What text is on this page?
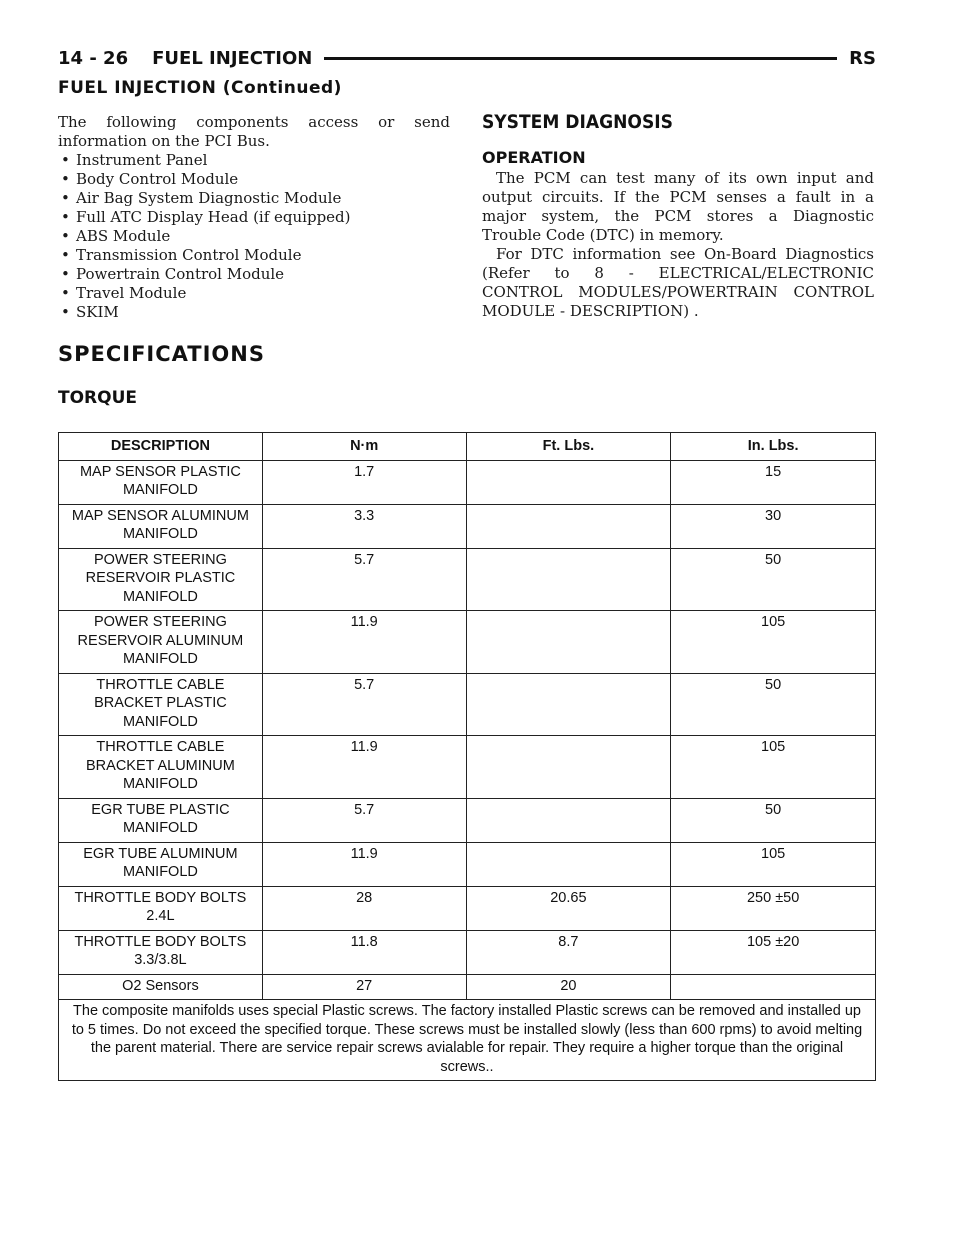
14 - 26 FUEL INJECTION	RS
FUEL INJECTION (Continued)

The following components access or send information on the PCI Bus.

• Instrument Panel
• Body Control Module
• Air Bag System Diagnostic Module
• Full ATC Display Head (if equipped)
• ABS Module
• Transmission Control Module
• Powertrain Control Module
• Travel Module
• SKIM
SYSTEM DIAGNOSIS
OPERATION

The PCM can test many of its own input and output circuits. If the PCM senses a fault in a major system, the PCM stores a Diagnostic Trouble Code (DTC) in memory.

For DTC information see On-Board Diagnostics (Refer to 8 - ELECTRICAL/ELECTRONIC CONTROL MODULES/POWERTRAIN CONTROL MODULE - DESCRIPTION) .

SPECIFICATIONS
TORQUE
DESCRIPTION	N·m	Ft. Lbs.	In. Lbs.
MAP SENSOR PLASTIC MANIFOLD	1.7		15
MAP SENSOR ALUMINUM MANIFOLD	3.3		30
POWER STEERING RESERVOIR PLASTIC MANIFOLD	5.7		50
POWER STEERING RESERVOIR ALUMINUM MANIFOLD	11.9		105
THROTTLE CABLE BRACKET PLASTIC MANIFOLD	5.7		50
THROTTLE CABLE BRACKET ALUMINUM MANIFOLD	11.9		105
EGR TUBE PLASTIC MANIFOLD	5.7		50
EGR TUBE ALUMINUM MANIFOLD	11.9		105
THROTTLE BODY BOLTS 2.4L	28	20.65	250 ±50
THROTTLE BODY BOLTS 3.3/3.8L	11.8	8.7	105 ±20
O2 Sensors	27	20	
The composite manifolds uses special Plastic screws. The factory installed Plastic screws can be removed and installed up to 5 times. Do not exceed the specified torque. These screws must be installed slowly (less than 600 rpms) to avoid melting the parent material. There are service repair screws avialable for repair. They require a higher torque than the original screws..			
